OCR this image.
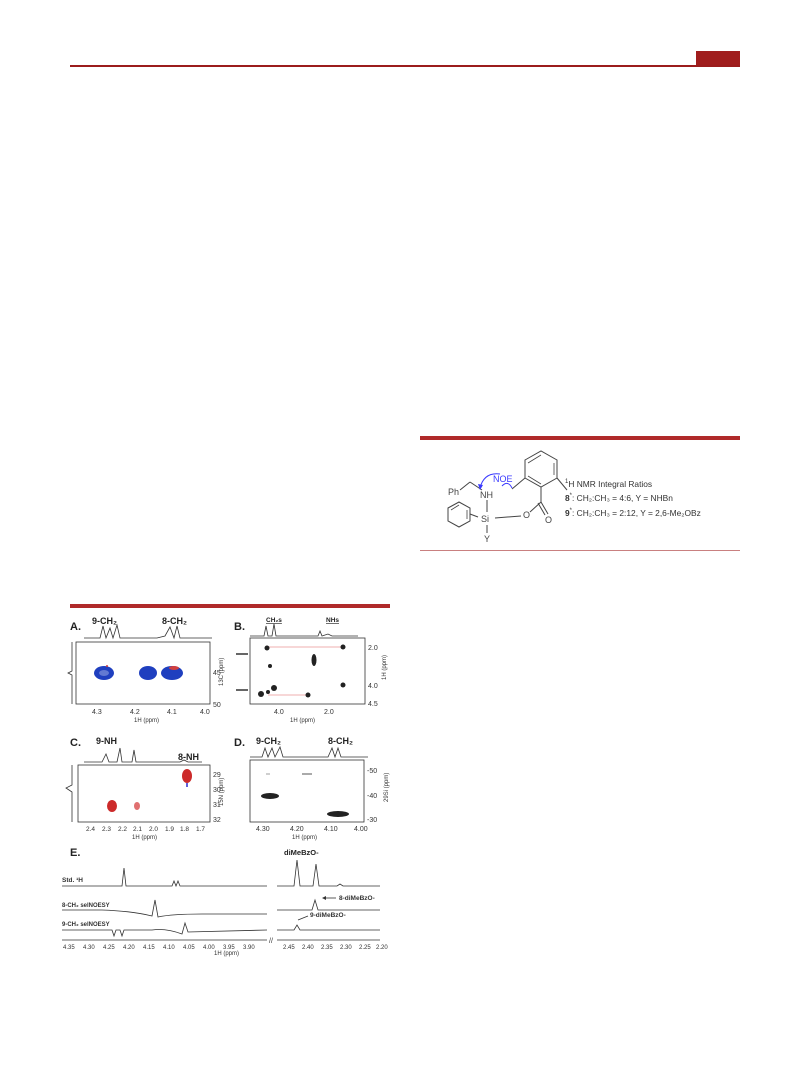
O
O
Si
Y
NH
Ph
NOE	$^1$H NMR Integral Ratios
8*: CH₂:CH₃ = 4:6, Y = NHBn
9*: CH₂:CH₃ = 2:12, Y = 2,6-Me₂OBz
A. 9-CH₂	8-CH₂
4.3	4.2	4.1	4.0
1H (ppm)
45
50
13C (ppm)
B.
CH₂s	NHs
4.0	2.0
1H (ppm)
2.0
4.0
4.5
1H (ppm)
C. 9-NH
8-NH
2.4 2.3 2.2 2.1 2.0 1.9 1.8 1.7
1H (ppm)
29
30
31
32
15N (ppm)
D. 9-CH₂	8-CH₂
4.30	4.20	4.10 4.00
1H (ppm)
-50
-40
-30
29Si (ppm)
E.	diMeBzO-
Std. ¹H
8-CH₂ selNOESY
9-CH₂ selNOESY
8-diMeBzO-
9-diMeBzO-
//
4.35 4.30 4.25 4.20 4.15 4.10 4.05 4.00 3.95 3.90	2.45 2.40 2.35 2.30 2.25 2.20
1H (ppm)
